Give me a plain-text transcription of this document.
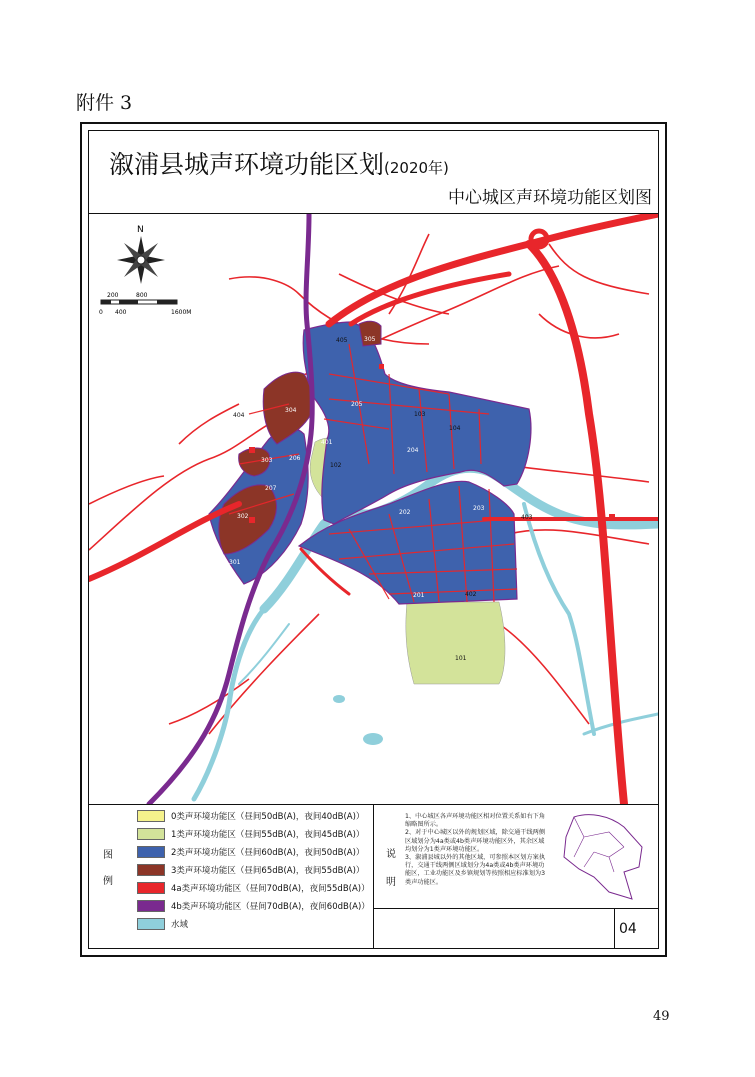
附件 3
溆浦县城声环境功能区划(2020年)
中心城区声环境功能区划图
N
200	800
0 400	1600M
101
102
103
104
201
202
203
204
205
206
207
301
302
303
304
305
401
402
403
404
405
图例
0类声环境功能区（昼间50dB(A)，夜间40dB(A)）
1类声环境功能区（昼间55dB(A)，夜间45dB(A)）
2类声环境功能区（昼间60dB(A)，夜间50dB(A)）
3类声环境功能区（昼间65dB(A)，夜间55dB(A)）
4a类声环境功能区（昼间70dB(A)，夜间55dB(A)）
4b类声环境功能区（昼间70dB(A)，夜间60dB(A)）
水域
说明
1、中心城区各声环境功能区相对位置关系如右下角缩略图所示。
2、对于中心城区以外的规划区域，除交通干线两侧区域划分为4a类或4b类声环境功能区外，其余区域均划分为1类声环境功能区。
3、溆浦县城以外的其他区域，可参照本区划方案执行，交通干线两侧区域划分为4a类或4b类声环境功能区，工业功能区及乡镇规划等按照相应标准划为3类声功能区。
04
49
